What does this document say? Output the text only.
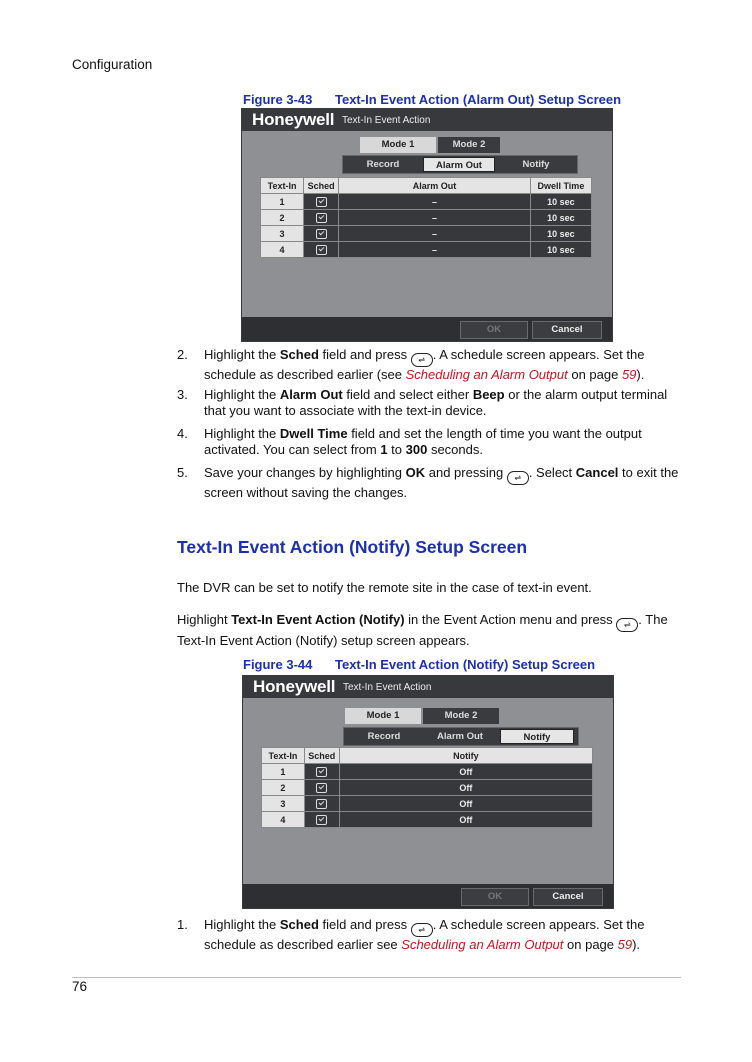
Configuration
Figure 3-43 Text-In Event Action (Alarm Out) Setup Screen
Honeywell Text-In Event Action
Mode 1	Mode 2
Record	Alarm Out	Notify
Text-In	Sched	Alarm Out	Dwell Time
1		–	10 sec
2		–	10 sec
3		–	10 sec
4		–	10 sec
OK	Cancel
2. Highlight the Sched field and press ⇌ . A schedule screen appears. Set the schedule as described earlier (see Scheduling an Alarm Output on page 59).
3. Highlight the Alarm Out field and select either Beep or the alarm output terminal that you want to associate with the text-in device.
4. Highlight the Dwell Time field and set the length of time you want the output activated. You can select from 1 to 300 seconds.
5. Save your changes by highlighting OK and pressing ⇌ . Select Cancel to exit the screen without saving the changes.
Text-In Event Action (Notify) Setup Screen
The DVR can be set to notify the remote site in the case of text-in event.
Highlight Text-In Event Action (Notify) in the Event Action menu and press ⇌ . The Text-In Event Action (Notify) setup screen appears.
Figure 3-44 Text-In Event Action (Notify) Setup Screen
Honeywell Text-In Event Action
Mode 1	Mode 2
Record	Alarm Out	Notify
Text-In	Sched	Notify
1		Off
2		Off
3		Off
4		Off
OK	Cancel
1. Highlight the Sched field and press ⇌ . A schedule screen appears. Set the schedule as described earlier see Scheduling an Alarm Output on page 59).
76
